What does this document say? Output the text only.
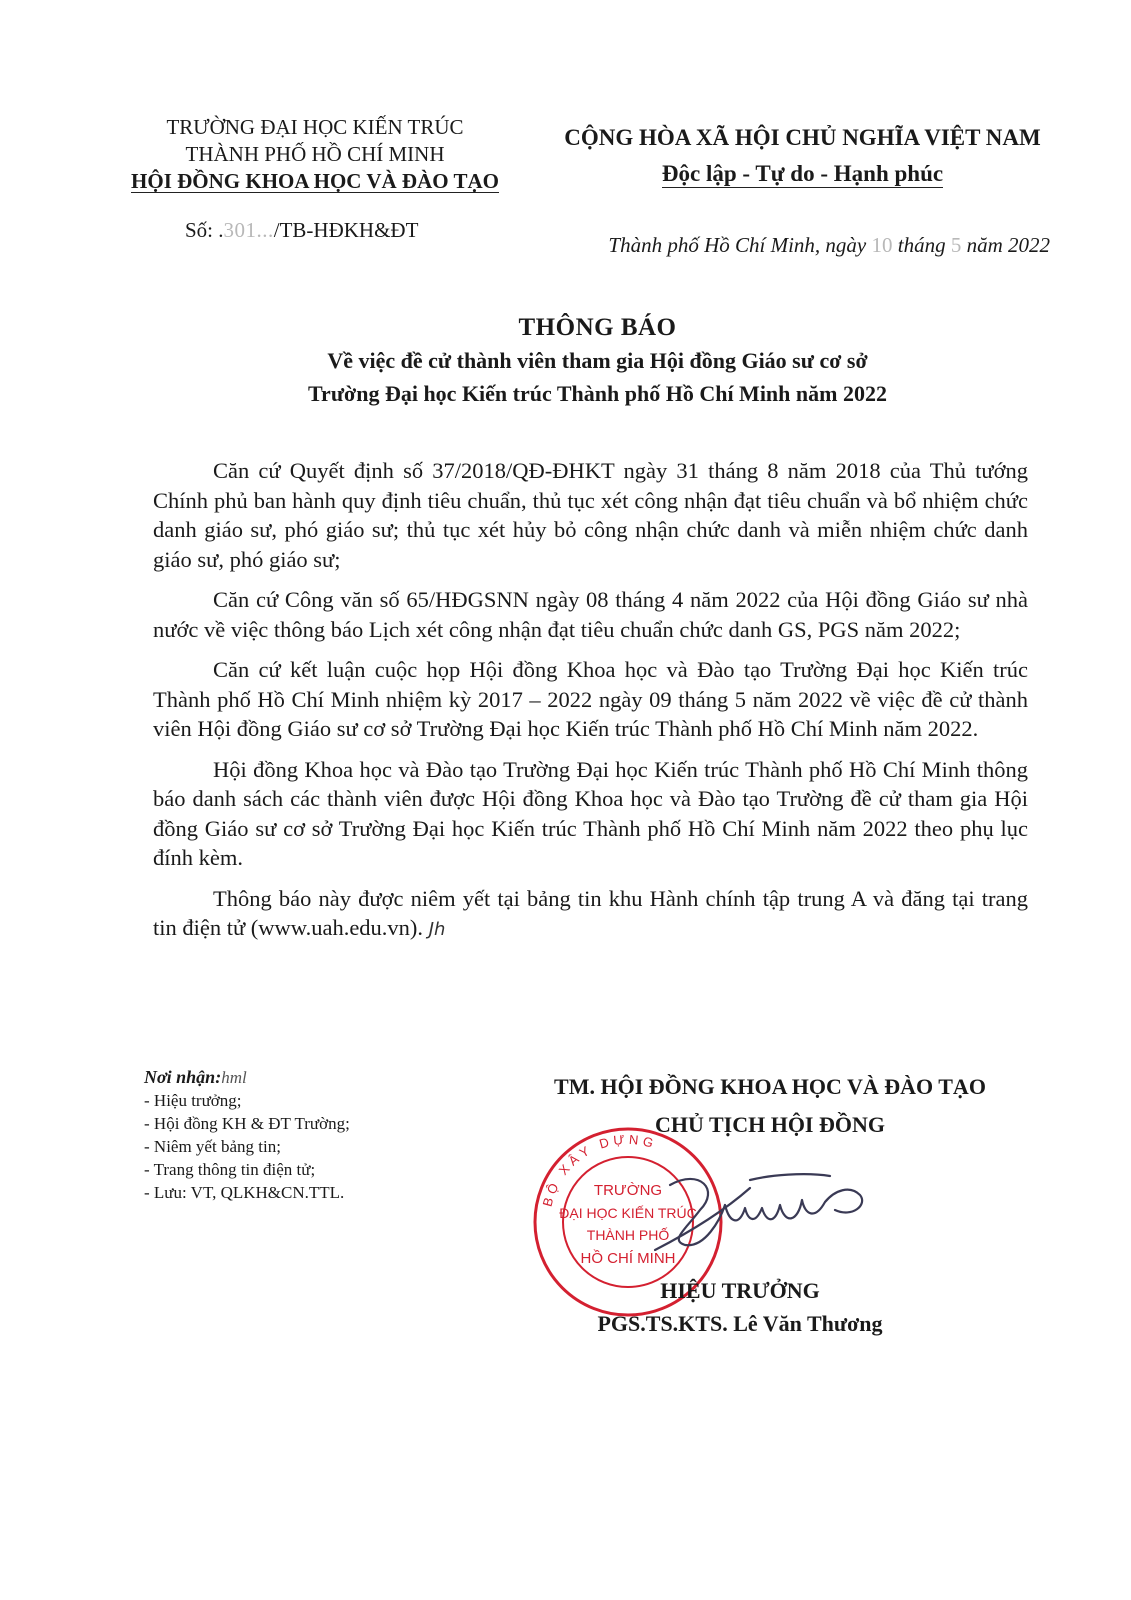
TRƯỜNG ĐẠI HỌC KIẾN TRÚC
THÀNH PHỐ HỒ CHÍ MINH
HỘI ĐỒNG KHOA HỌC VÀ ĐÀO TẠO
CỘNG HÒA XÃ HỘI CHỦ NGHĨA VIỆT NAM
Độc lập - Tự do - Hạnh phúc
Số: .301.../TB-HĐKH&ĐT
Thành phố Hồ Chí Minh, ngày 10 tháng 5 năm 2022
THÔNG BÁO
Về việc đề cử thành viên tham gia Hội đồng Giáo sư cơ sở
Trường Đại học Kiến trúc Thành phố Hồ Chí Minh năm 2022

Căn cứ Quyết định số 37/2018/QĐ-ĐHKT ngày 31 tháng 8 năm 2018 của Thủ tướng Chính phủ ban hành quy định tiêu chuẩn, thủ tục xét công nhận đạt tiêu chuẩn và bổ nhiệm chức danh giáo sư, phó giáo sư; thủ tục xét hủy bỏ công nhận chức danh và miễn nhiệm chức danh giáo sư, phó giáo sư;

Căn cứ Công văn số 65/HĐGSNN ngày 08 tháng 4 năm 2022 của Hội đồng Giáo sư nhà nước về việc thông báo Lịch xét công nhận đạt tiêu chuẩn chức danh GS, PGS năm 2022;

Căn cứ kết luận cuộc họp Hội đồng Khoa học và Đào tạo Trường Đại học Kiến trúc Thành phố Hồ Chí Minh nhiệm kỳ 2017 – 2022 ngày 09 tháng 5 năm 2022 về việc đề cử thành viên Hội đồng Giáo sư cơ sở Trường Đại học Kiến trúc Thành phố Hồ Chí Minh năm 2022.

Hội đồng Khoa học và Đào tạo Trường Đại học Kiến trúc Thành phố Hồ Chí Minh thông báo danh sách các thành viên được Hội đồng Khoa học và Đào tạo Trường đề cử tham gia Hội đồng Giáo sư cơ sở Trường Đại học Kiến trúc Thành phố Hồ Chí Minh năm 2022 theo phụ lục đính kèm.

Thông báo này được niêm yết tại bảng tin khu Hành chính tập trung A và đăng tại trang tin điện tử (www.uah.edu.vn). Jh

Nơi nhận:hml
- Hiệu trưởng;
- Hội đồng KH & ĐT Trường;
- Niêm yết bảng tin;
- Trang thông tin điện tử;
- Lưu: VT, QLKH&CN.TTL.
TM. HỘI ĐỒNG KHOA HỌC VÀ ĐÀO TẠO
CHỦ TỊCH HỘI ĐỒNG
BỘ XÂY DỰNG
TRƯỜNG
ĐẠI HỌC KIẾN TRÚC
THÀNH PHỐ
HỒ CHÍ MINH
HIỆU TRƯỞNG
PGS.TS.KTS. Lê Văn Thương
